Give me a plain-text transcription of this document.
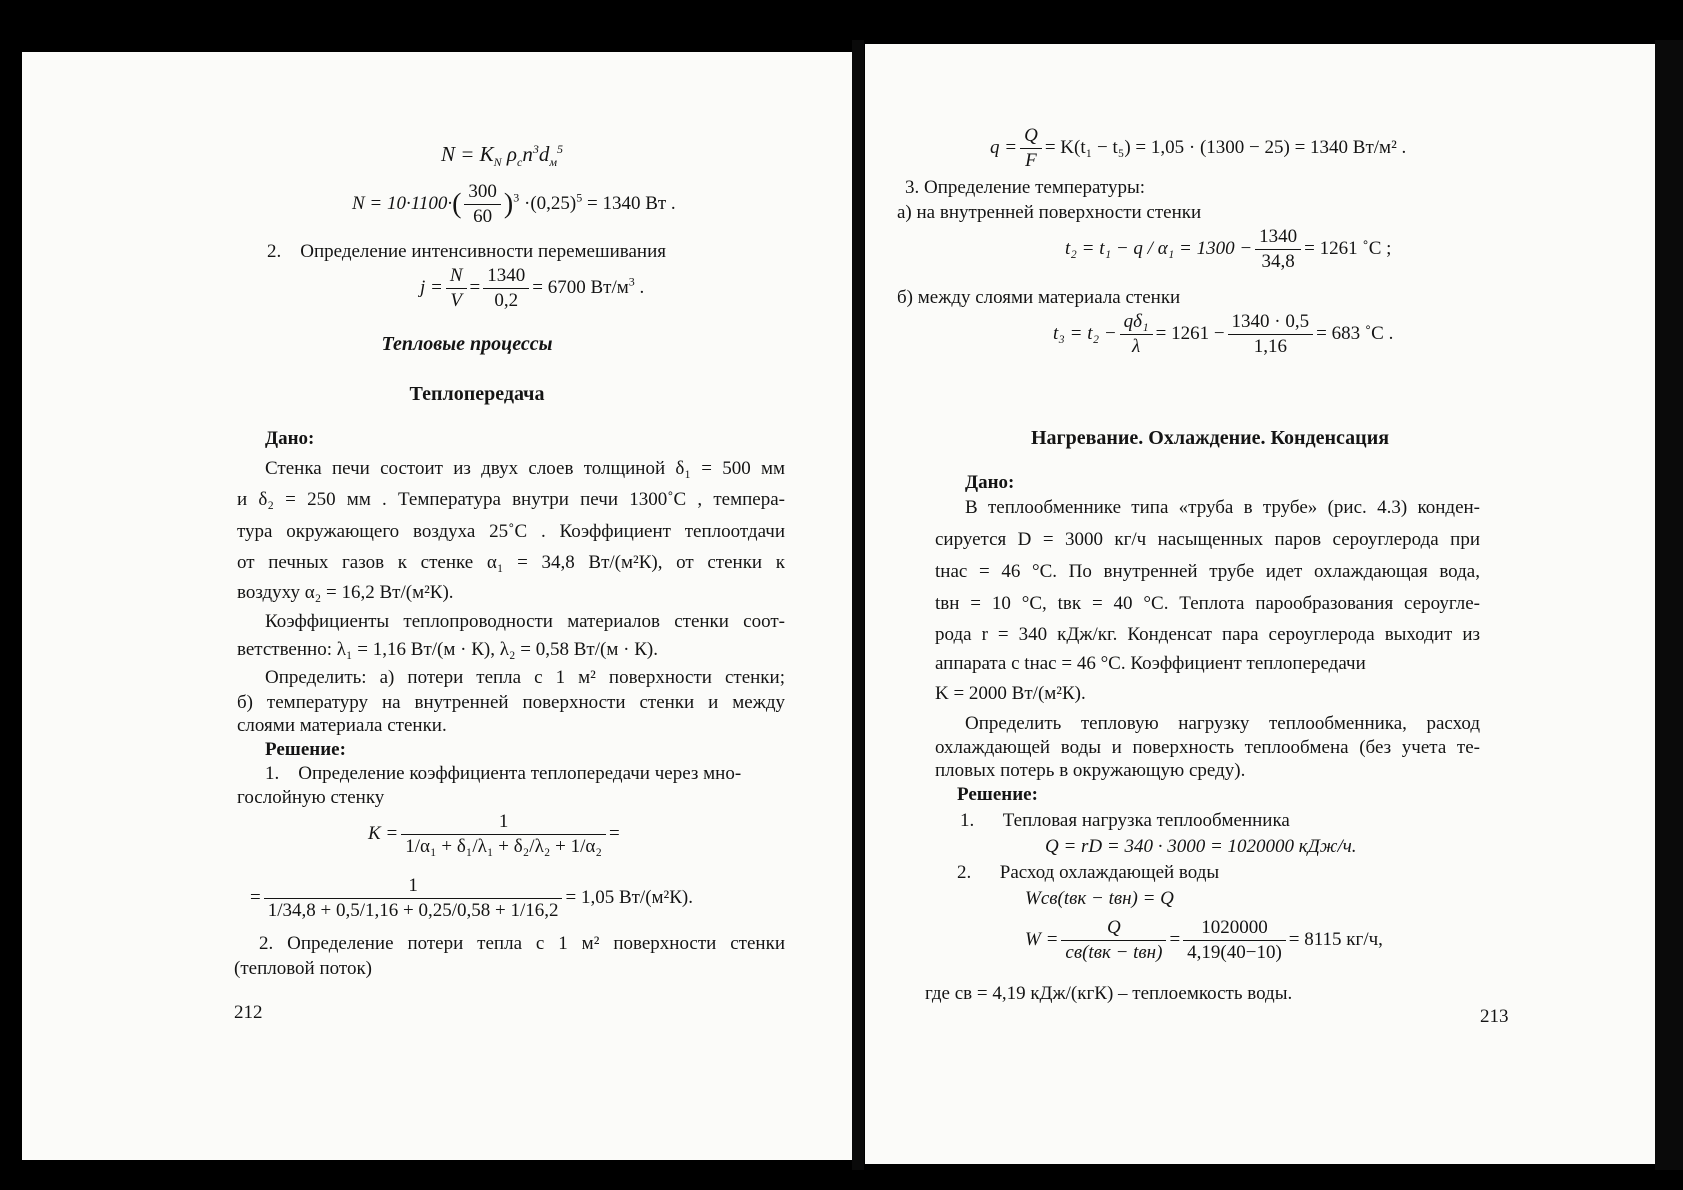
$N = K_N$ $\rho_cn^3d_м^5$
$N = 10\cdot 1100\cdot( \frac{300}{60} )^3 \cdot(0,25)^5 = 1340$ Вт .
2. Определение интенсивности перемешивания
$j = \frac{N}{V} = \frac{1340}{0,2} = 6700$ $Вт/м^3$ .
Тепловые процессы
Теплопередача
Дано:
Стенка печи состоит из двух слоев толщиной δ₁ = 500 мм
и δ₂ = 250 мм . Температура внутри печи 1300˚С , темпера-
тура окружающего воздуха 25˚С . Коэффициент теплоотдачи
от печных газов к стенке α₁ = 34,8 Вт/(м²К), от стенки к
воздуху α₂ = 16,2 Вт/(м²К).
Коэффициенты теплопроводности материалов стенки соот-
ветственно: λ₁ = 1,16 Вт/(м · К), λ₂ = 0,58 Вт/(м · К).
Определить: а) потери тепла с 1 м² поверхности стенки;
б) температуру на внутренней поверхности стенки и между
слоями материала стенки.
Решение:
1. Определение коэффициента теплопередачи через мно-
гослойную стенку
$K = \frac{1}{\text{1/α₁ + δ₁/λ₁ + δ₂/λ₂ + 1/α₂}}$ =
= $\frac{1}{1/34,8 + 0,5/1,16 + 0,25/0,58 + 1/16,2} = 1,05$ Вт/(м²К).
2. Определение потери тепла с 1 м² поверхности стенки
(тепловой поток)
212
$q = \frac{Q}{F} = K(t_1 - t_5) = 1,05 \cdot (1300 - 25) = 1340$ Вт/м² .
3. Определение температуры:
а) на внутренней поверхности стенки
$t_2 = t_1 - q / \alpha_1 = 1300 - \frac{1340}{34,8} = 1261$ ˚С ;
б) между слоями материала стенки
$t_3 = t_2 - \frac{\text{qδ₁}}{\lambda} = 1261 - \frac{1340 \cdot 0,5}{1,16} = 683$ ˚С .
Нагревание. Охлаждение. Конденсация
Дано:
В теплообменнике типа «труба в трубе» (рис. 4.3) конден-
сируется D = 3000 кг/ч насыщенных паров сероуглерода при
tнас = 46 °С. По внутренней трубе идет охлаждающая вода,
tвн = 10 °С, tвк = 40 °С. Теплота парообразования сероугле-
рода r = 340 кДж/кг. Конденсат пара сероуглерода выходит из
аппарата с tнас = 46 °С. Коэффициент теплопередачи
K = 2000 Вт/(м²К).
Определить тепловую нагрузку теплообменника, расход
охлаждающей воды и поверхность теплообмена (без учета те-
пловых потерь в окружающую среду).
Решение:
1. Тепловая нагрузка теплообменника
Q = rD = 340 · 3000 = 1020000 кДж/ч.
2. Расход охлаждающей воды
Wcв(tвк − tвн) = Q
$W = \frac{Q}{\text{cв(tвк − tвн)}} = \frac{1020000}{4,19(40-10)} = 8115$ кг/ч,
где cв = 4,19 кДж/(кгК) – теплоемкость воды.
213
